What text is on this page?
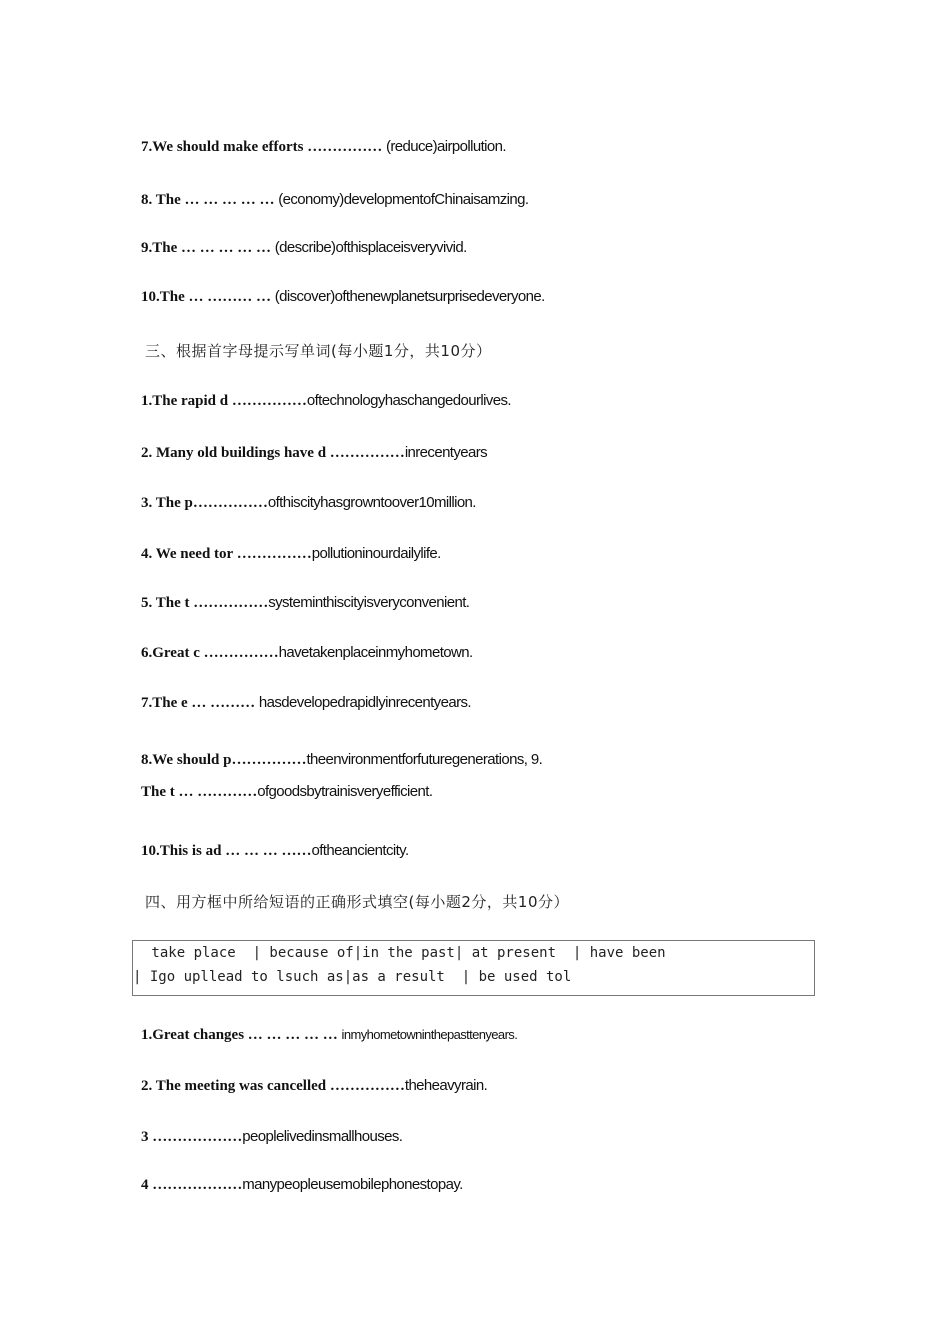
7.We should make efforts …………… (reduce)airpollution.
8. The … … … … … (economy)developmentofChinaisamzing.
9.The … … … … … (describe)ofthisplaceisveryvivid.
10.The … ……… … (discover)ofthenewplanetsurprisedeveryone.
三、根据首字母提示写单词(每小题1分，共10分）
1.The rapid d ……………oftechnologyhaschangedourlives.
2. Many old buildings have d ……………inrecentyears
3. The p……………ofthiscityhasgrowntoover10million.
4. We need tor ……………pollutioninourdailylife.
5. The t ……………systeminthiscityisveryconvenient.
6.Great c ……………havetakenplaceinmyhometown.
7.The e … ……… hasdevelopedrapidlyinrecentyears.
8.We should p……………theenvironmentforfuturegenerations, 9.
The t … …………ofgoodsbytrainisveryefficient.
10.This is ad … … … ……oftheancientcity.
四、用方框中所给短语的正确形式填空(每小题2分，共10分）
take place  | because of|in the past| at present  | have been
| Igo upllead to lsuch as|as a result  | be used tol
1.Great changes … … … … … inmyhometowninthepasttenyears.
2. The meeting was cancelled ……………theheavyrain.
3 ………………peoplelivedinsmallhouses.
4 ………………manypeopleusemobilephonestopay.
